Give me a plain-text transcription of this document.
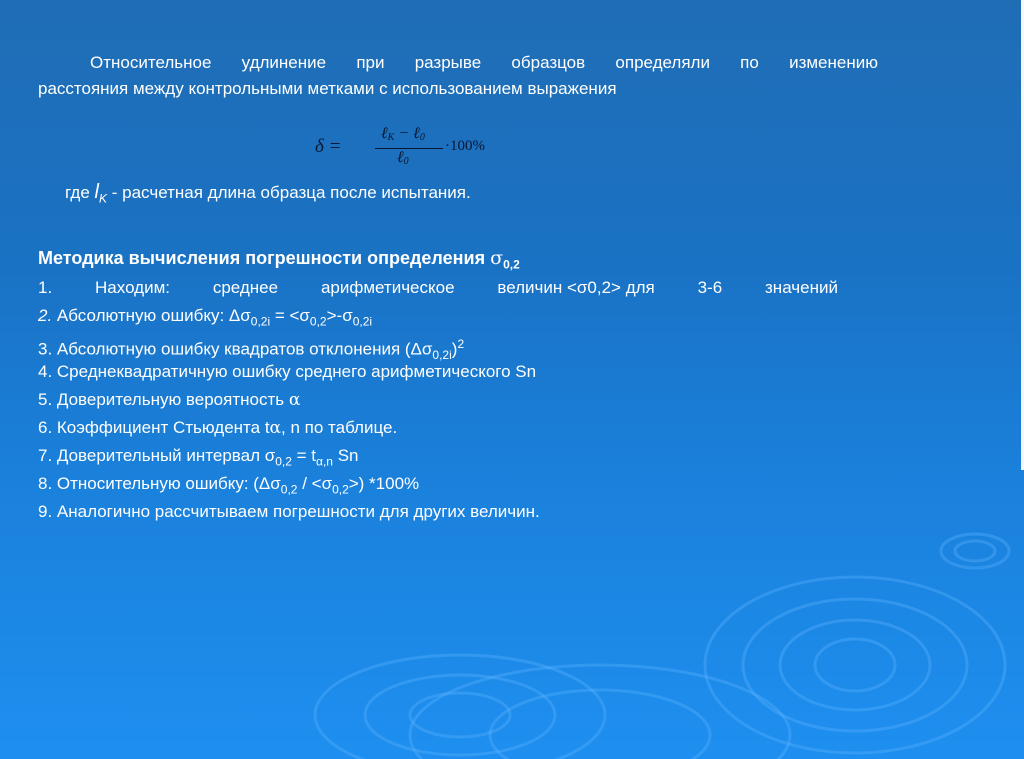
Относительное удлинение при разрыве образцов определяли по изменению
расстояния между контрольными метками с использованием выражения
δ =
ℓ$_K$ − ℓ$_0$
ℓ$_0$
·100%
где $l_K$ - расчетная длина образца после испытания.
Методика вычисления погрешности определения $\sigma_{0,2}$
1.	Находим:	среднее	арифметическое	величин <σ0,2> для	3-6	значений
2. Абсолютную ошибку: $\Delta\sigma_{0,2i} = <\sigma_{0,2}>-\sigma_{0,2i}$
3. Абсолютную ошибку квадратов отклонения $(\Delta\sigma_{0,2i})^2$
4. Среднеквадратичную ошибку среднего арифметического Sn
5. Доверительную вероятность α
6. Коэффициент Стьюдента tα, n по таблице.
7. Доверительный интервал $\sigma_{0,2} = t_{\alpha,n}$ Sn
8. Относительную ошибку: $(\Delta\sigma_{0,2} / <\sigma_{0,2}>)$ *100%
9. Аналогично рассчитываем погрешности для других величин.
